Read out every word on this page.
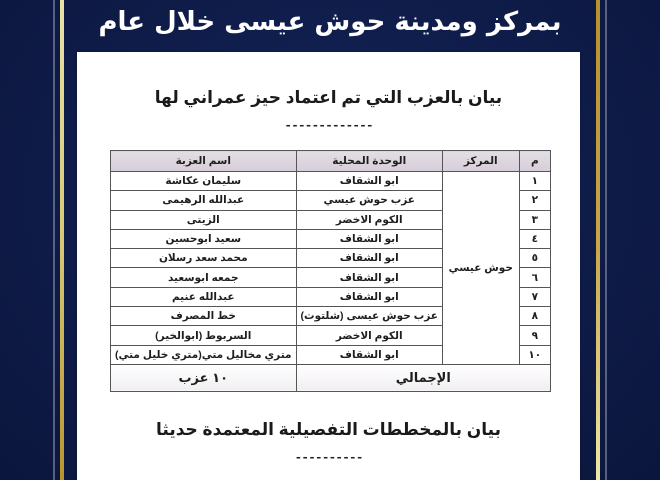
بمركز ومدينة حوش عيسى خلال عام
بيان بالعزب التي تم اعتماد حيز عمراني لها
-------------
م	المركز	الوحدة المحلية	اسم العزبة
١	حوش عيسي	ابو الشقاف	سليمان عكاشة
٢		عزب حوش عيسي	عبدالله الرهيمى
٣		الكوم الاخضر	الزيتى
٤		ابو الشقاف	سعيد ابوحسين
٥		ابو الشقاف	محمد سعد رسلان
٦		ابو الشقاف	جمعه ابوسعيد
٧		ابو الشقاف	عبدالله عنيم
٨		عزب حوش عيسى (شلتوت)	خط المصرف
٩		الكوم الاخضر	السربوط (ابوالخير)
١٠		ابو الشقاف	متري مخاليل متي(متري خليل متي)
الإجمالي			١٠ عزب
بيان بالمخططات التفصيلية المعتمدة حديثا
----------
